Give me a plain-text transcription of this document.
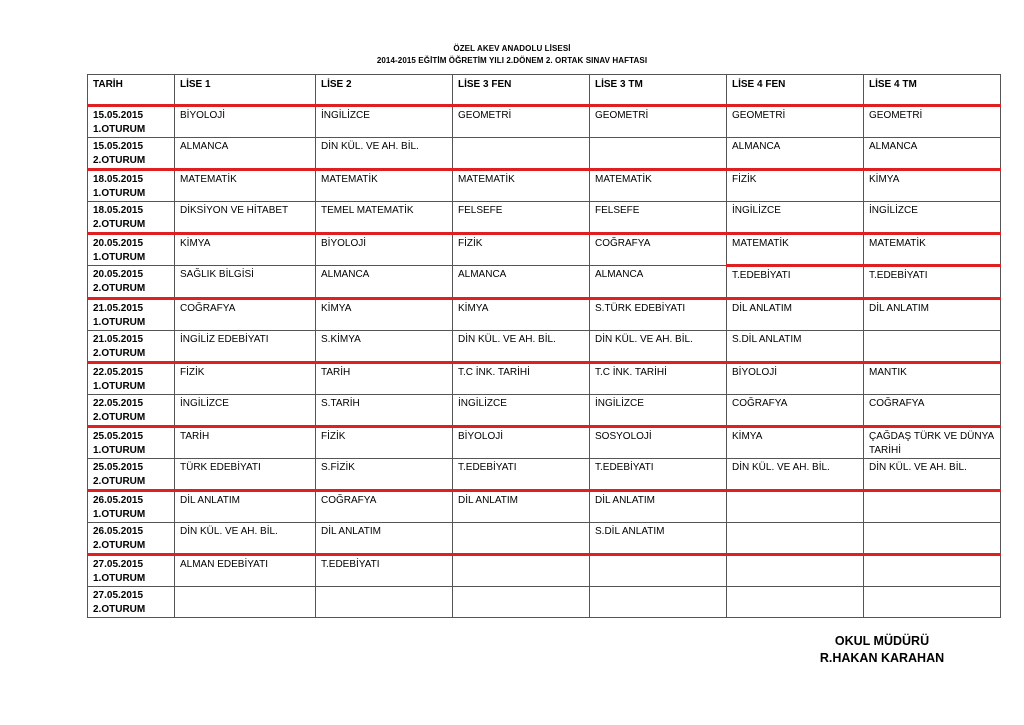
ÖZEL AKEV ANADOLU LİSESİ
2014-2015 EĞİTİM ÖĞRETİM YILI 2.DÖNEM 2. ORTAK SINAV HAFTASI
TARİH	LİSE 1	LİSE 2	LİSE 3 FEN	LİSE 3 TM	LİSE 4 FEN	LİSE 4 TM

15.05.2015
1.OTURUM	BİYOLOJİ	İNGİLİZCE	GEOMETRİ	GEOMETRİ	GEOMETRİ	GEOMETRİ

15.05.2015
2.OTURUM	ALMANCA	DİN KÜL. VE AH. BİL.			ALMANCA	ALMANCA

18.05.2015
1.OTURUM	MATEMATİK	MATEMATİK	MATEMATİK	MATEMATİK	FİZİK	KİMYA

18.05.2015
2.OTURUM	DİKSİYON VE HİTABET	TEMEL MATEMATİK	FELSEFE	FELSEFE	İNGİLİZCE	İNGİLİZCE

20.05.2015
1.OTURUM	KİMYA	BİYOLOJİ	FİZİK	COĞRAFYA	MATEMATİK	MATEMATİK

20.05.2015
2.OTURUM	SAĞLIK BİLGİSİ	ALMANCA	ALMANCA	ALMANCA	T.EDEBİYATI	T.EDEBİYATI

21.05.2015
1.OTURUM	COĞRAFYA	KİMYA	KİMYA	S.TÜRK EDEBİYATI	DİL ANLATIM	DİL ANLATIM

21.05.2015
2.OTURUM	İNGİLİZ EDEBİYATI	S.KİMYA	DİN KÜL. VE AH. BİL.	DİN KÜL. VE AH. BİL.	S.DİL ANLATIM	

22.05.2015
1.OTURUM	FİZİK	TARİH	T.C İNK. TARİHİ	T.C İNK. TARİHİ	BİYOLOJİ	MANTIK

22.05.2015
2.OTURUM	İNGİLİZCE	S.TARİH	İNGİLİZCE	İNGİLİZCE	COĞRAFYA	COĞRAFYA

25.05.2015
1.OTURUM	TARİH	FİZİK	BİYOLOJİ	SOSYOLOJİ	KİMYA	ÇAĞDAŞ TÜRK VE DÜNYA TARİHİ

25.05.2015
2.OTURUM	TÜRK EDEBİYATI	S.FİZİK	T.EDEBİYATI	T.EDEBİYATI	DİN KÜL. VE AH. BİL.	DİN KÜL. VE AH. BİL.

26.05.2015
1.OTURUM	DİL ANLATIM	COĞRAFYA	DİL ANLATIM	DİL ANLATIM		

26.05.2015
2.OTURUM	DİN KÜL. VE AH. BİL.	DİL ANLATIM		S.DİL ANLATIM		

27.05.2015
1.OTURUM	ALMAN EDEBİYATI	T.EDEBİYATI				

27.05.2015
2.OTURUM						

OKUL MÜDÜRÜ
R.HAKAN KARAHAN
